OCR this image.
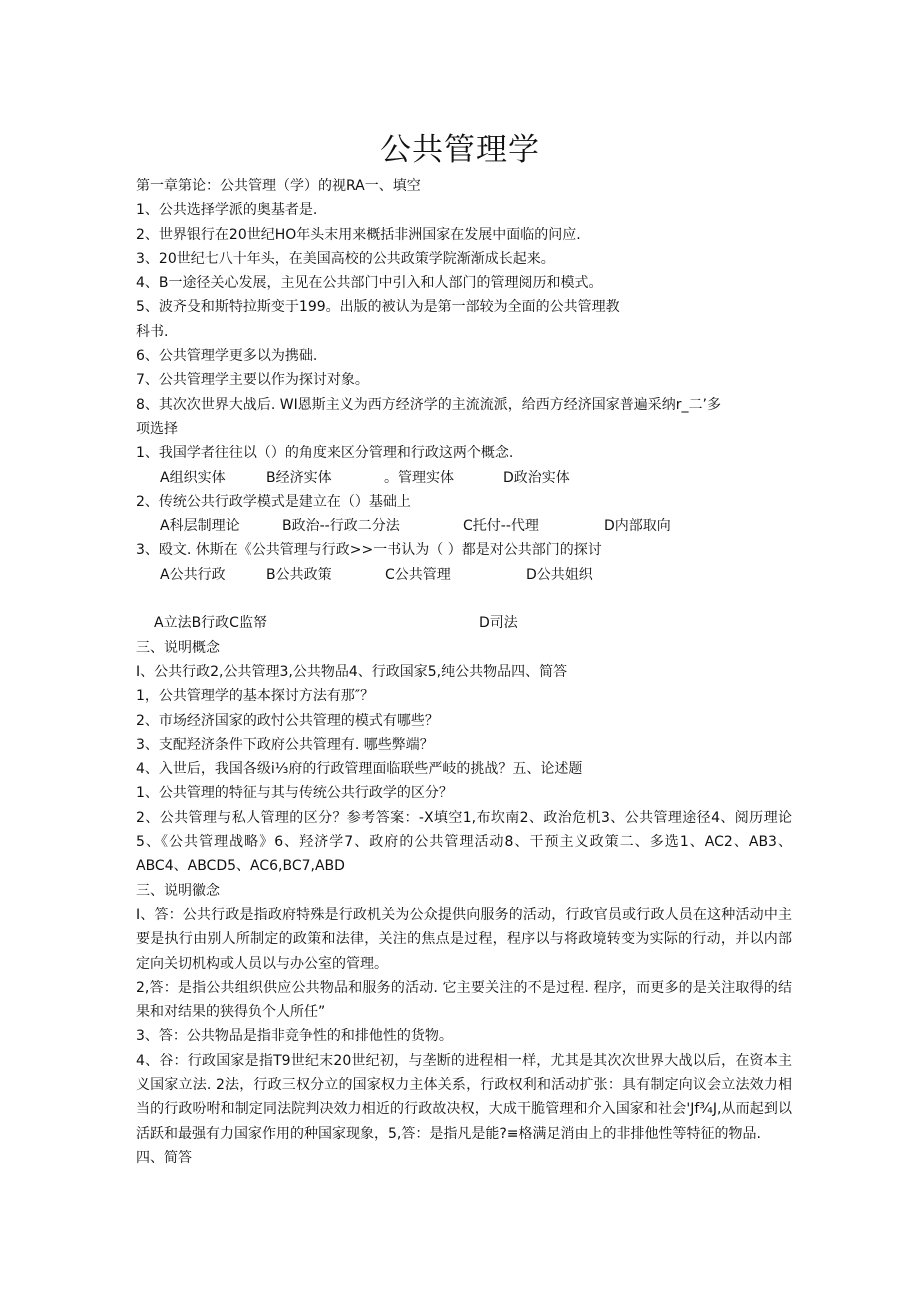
公共管理学
第一章第论：公共管理（学）的视RA一、填空
1、公共选择学派的奥基者是.
2、世界银行在20世纪HO年头末用来概括非洲国家在发展中面临的问应.
3、20世纪七八十年头，在美国高校的公共政策学院渐渐成长起来。
4、B一途径关心发展，主见在公共部门中引入和人部门的管理阅历和模式。
5、波齐殳和斯特拉斯变于199。出版的被认为是第一部较为全面的公共管理教
科书.
6、公共管理学更多以为携础.
7、公共管理学主要以作为探讨对象。
8、其次次世界大战后. WI恩斯主义为西方经济学的主流流派，给西方经济国家普遍采纳r_二’多
项选择
1、我国学者往往以（）的角度来区分管理和行政这两个概念.
A组织实体	B经济实体	。管理实体	D政治实体
2、传统公共行政学模式是建立在（）基础上
A科层制理论	B政治--行政二分法	C托付--代理	D内部取向
3、殴文. 休斯在《公共管理与行政>>一书认为（ ）都是对公共部门的探讨
A公共行政	B公共政策	C公共管理	D公共姐织
A立法B行政C监帑	D司法
三、说明概念
I、公共行政2,公共管理3,公共物品4、行政国家5,纯公共物品四、简答
1，公共管理学的基本探讨方法有那″？
2、市场经济国家的政忖公共管理的模式有哪些？
3、支配羟济条件下政府公共管理有. 哪些弊端？
4、入世后，我国各级i⅓府的行政管理面临联些严岐的挑战？五、论述题
1、公共管理的特征与其与传统公共行政学的区分？
2、公共管理与私人管理的区分？参考答案：-X填空1,布坎南2、政治危机3、公共管理途径4、阅历理论5、《公共管理战略》6、羟济学7、政府的公共管理活动8、干预主义政策二、多选1、AC2、AB3、ABC4、ABCD5、AC6,BC7,ABD
三、说明徽念
I、答：公共行政是指政府特殊是行政机关为公众提供向服务的活动，行政官员或行政人员在这种活动中主要是执行由别人所制定的政策和法律，关注的焦点是过程，程序以与将政境转变为实际的行动，并以内部定向关切机构或人员以与办公室的管理。
2,答：是指公共组织供应公共物品和服务的活动. 它主要关注的不是过程. 程序，而更多的是关注取得的结果和对结果的狭得负个人所任”
3、答：公共物品是指非竞争性的和排他性的货物。
4、谷：行政国家是指T9世纪末20世纪初，与垄断的进程相一样，尤其是其次次世界大战以后，在资本主义国家立法. 2法，行政三权分立的国家权力主体关系，行政权利和活动扩张：具有制定向议会立法效力相当的行政吩咐和制定同法院判决效力相近的行政故决权，大成干脆管理和介入国家和社会'Jf¾J,从而起到以活跃和最强有力国家作用的种国家现象，5,答：是指凡是能?≡格满足消由上的非排他性等特征的物品.
四、简答
